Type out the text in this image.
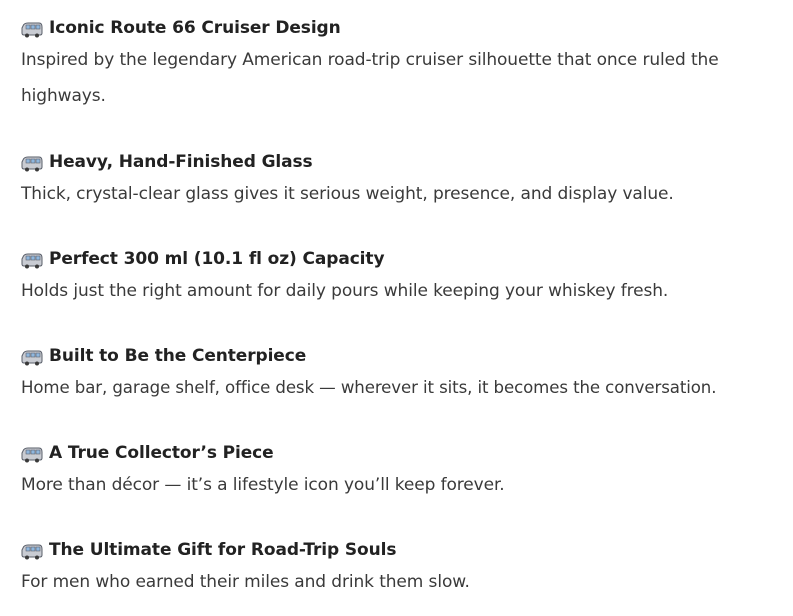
Iconic Route 66 Cruiser Design
Inspired by the legendary American road-trip cruiser silhouette that once ruled the highways.
Heavy, Hand-Finished Glass
Thick, crystal-clear glass gives it serious weight, presence, and display value.
Perfect 300 ml (10.1 fl oz) Capacity
Holds just the right amount for daily pours while keeping your whiskey fresh.
Built to Be the Centerpiece
Home bar, garage shelf, office desk — wherever it sits, it becomes the conversation.
A True Collector’s Piece
More than décor — it’s a lifestyle icon you’ll keep forever.
The Ultimate Gift for Road-Trip Souls
For men who earned their miles and drink them slow.
